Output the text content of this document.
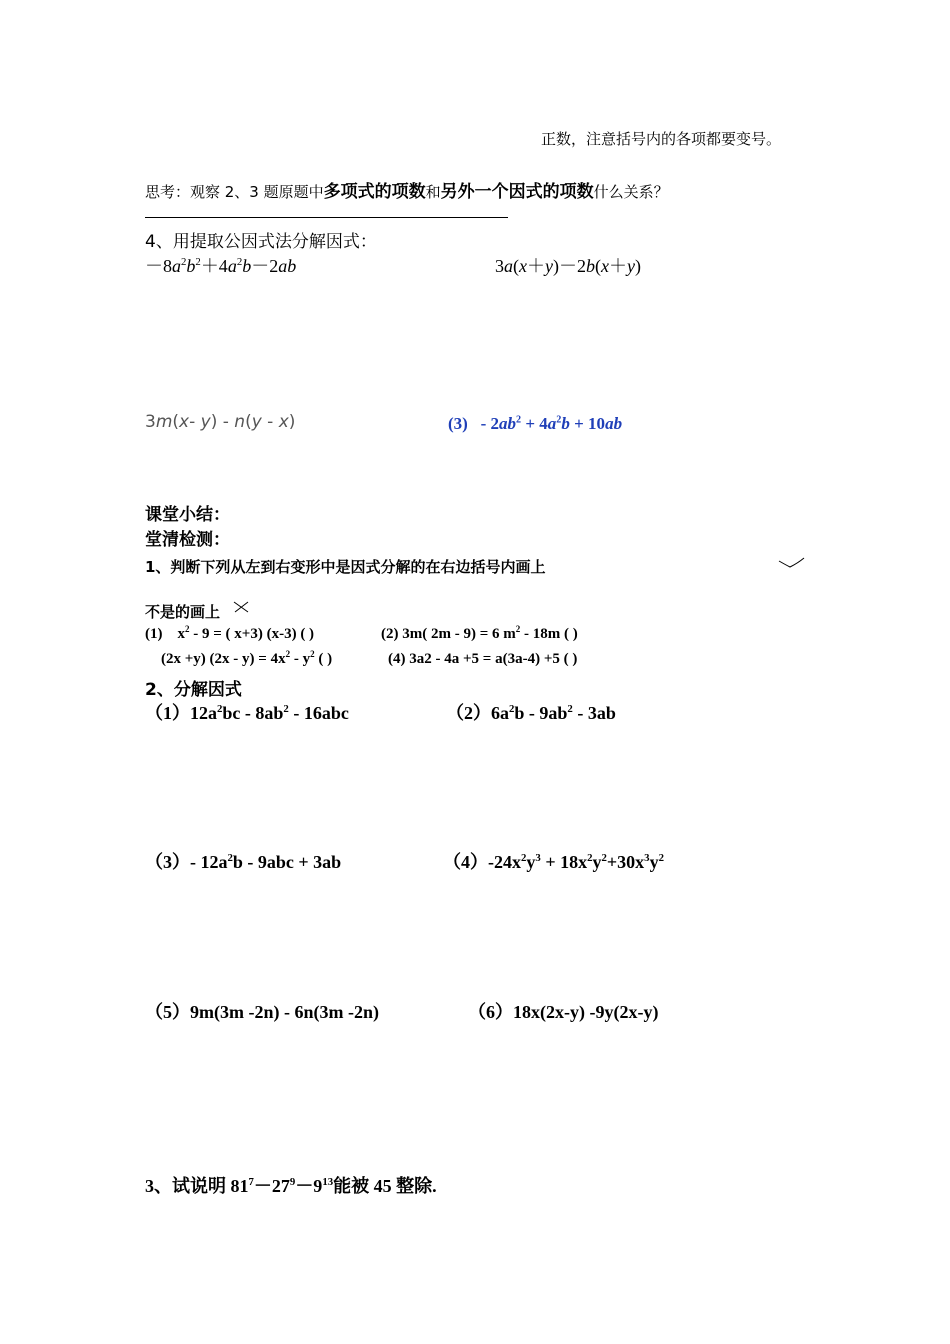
正数，注意括号内的各项都要变号。
思考：观察 2、3 题原题中多项式的项数和另外一个因式的项数什么关系？
4、用提取公因式法分解因式：
$-8a^2b^2+4a^2b-2ab$	3a(x＋y)－2b(x＋y)
3m(x- y) - n(y - x)	$(3) - 2ab^2 + 4a^2b + 10ab$
课堂小结：
堂清检测：
1、判断下列从左到右变形中是因式分解的在右边括号内画上
不是的画上
(1) $x^2 - 9$ = ( x+3) (x-3) ( )	(2) 3m( 2m - 9) = 6 $m^2 - 18m$ ( )
(2x +y) $(2x - y) = 4x^2 - y^2$ ( )	(4) 3a2 - 4a +5 = a(3a-4) +5 ( )
2、分解因式
$(1)12a^2bc - 8ab^2 - 16abc$	$(2)6a^2b - 9ab^2 - 3ab$
（3）- $12a^2b - 9abc + 3ab$	$(4)-24x^2y^3 + 18x^2y^2+30x^3y^2$
（5）9m(3m -2n) - 6n(3m -2n)	（6）18x(2x-y) -9y(2x-y)
3、试说明 $81^7-27^9-9^{13}$能被 45 整除.
